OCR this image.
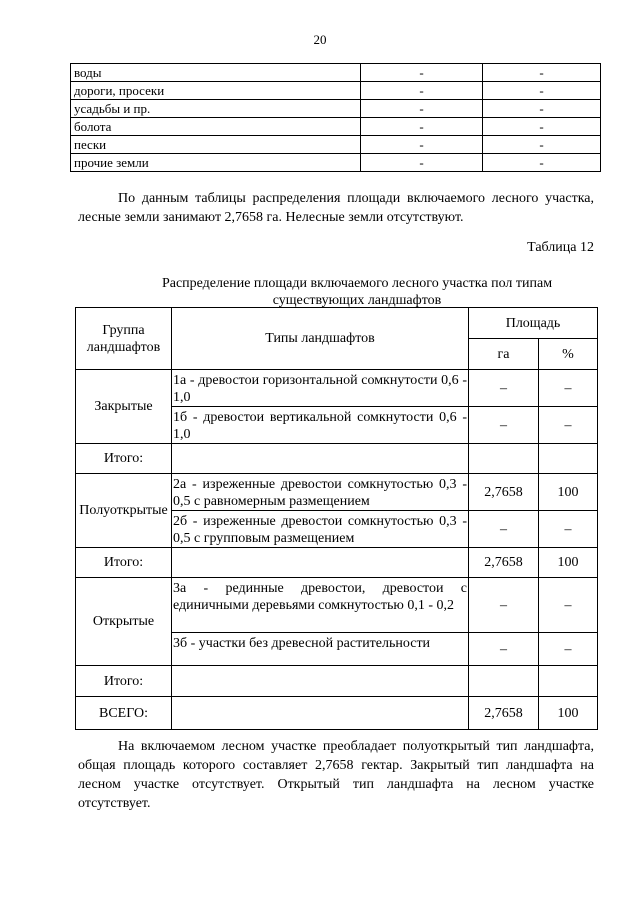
20
воды	-	-
дороги, просеки	-	-
усадьбы и пр.	-	-
болота	-	-
пески	-	-
прочие земли	-	-
По данным таблицы распределения площади включаемого лесного участка, лесные земли занимают 2,7658 га. Нелесные земли отсутствуют.
Таблица 12
Распределение площади включаемого лесного участка пол типам существующих ландшафтов
Группа ландшафтов	Типы ландшафтов	Площадь	
		га	%
Закрытые	1а - древостои горизонтальной сомкнутости 0,6 - 1,0	–	–

	1б - древостои вертикальной сомкнутости 0,6 - 1,0	–	–
Итого:			
Полуоткрытые	2а - изреженные древостои сомкнутостью 0,3 - 0,5 с равномерным размещением	2,7658	100

	2б - изреженные древостои сомкнутостью 0,3 - 0,5 с групповым размещением	–	–
Итого:		2,7658	100
Открытые	3а - рединные древостои, древостои с единичными деревьями сомкнутостью 0,1 - 0,2	–	–

	3б - участки без древесной растительности	–	–
Итого:			
ВСЕГО:		2,7658	100
На включаемом лесном участке преобладает полуоткрытый тип ландшафта, общая площадь которого составляет 2,7658 гектар. Закрытый тип ландшафта на лесном участке отсутствует. Открытый тип ландшафта на лесном участке отсутствует.
